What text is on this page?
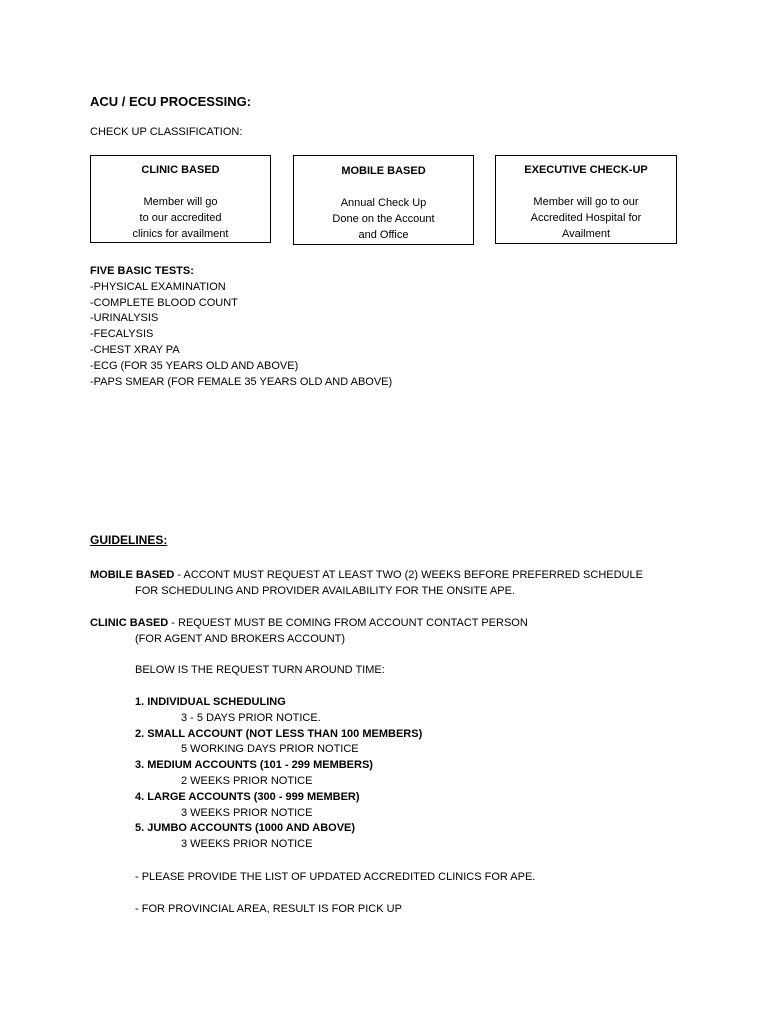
ACU / ECU PROCESSING:
CHECK UP CLASSIFICATION:
CLINIC BASED
Member will go
to our accredited
clinics for availment
MOBILE BASED
Annual Check Up
Done on the Account
and Office
EXECUTIVE CHECK-UP
Member will go to our
Accredited Hospital for
Availment
FIVE BASIC TESTS:
-PHYSICAL EXAMINATION
-COMPLETE BLOOD COUNT
-URINALYSIS
-FECALYSIS
-CHEST XRAY PA
-ECG (FOR 35 YEARS OLD AND ABOVE)
-PAPS SMEAR (FOR FEMALE 35 YEARS OLD AND ABOVE)
GUIDELINES:
MOBILE BASED - ACCONT MUST REQUEST AT LEAST TWO (2) WEEKS BEFORE PREFERRED SCHEDULE
FOR SCHEDULING AND PROVIDER AVAILABILITY FOR THE ONSITE APE.
CLINIC BASED - REQUEST MUST BE COMING FROM ACCOUNT CONTACT PERSON
(FOR AGENT AND BROKERS ACCOUNT)
BELOW IS THE REQUEST TURN AROUND TIME:
1. INDIVIDUAL SCHEDULING
3 - 5 DAYS PRIOR NOTICE.
2. SMALL ACCOUNT (NOT LESS THAN 100 MEMBERS)
5 WORKING DAYS PRIOR NOTICE
3. MEDIUM ACCOUNTS (101 - 299 MEMBERS)
2 WEEKS PRIOR NOTICE
4. LARGE ACCOUNTS (300 - 999 MEMBER)
3 WEEKS PRIOR NOTICE
5. JUMBO ACCOUNTS (1000 AND ABOVE)
3 WEEKS PRIOR NOTICE
- PLEASE PROVIDE THE LIST OF UPDATED ACCREDITED CLINICS FOR APE.
- FOR PROVINCIAL AREA, RESULT IS FOR PICK UP
